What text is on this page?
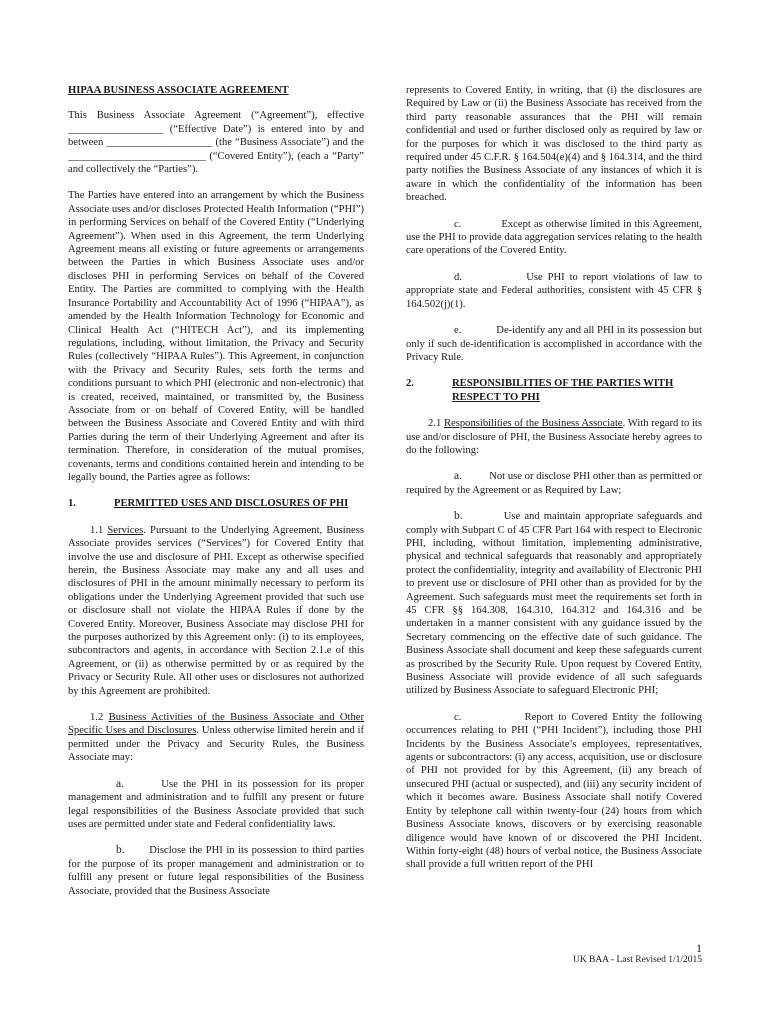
HIPAA BUSINESS ASSOCIATE AGREEMENT

This Business Associate Agreement (“Agreement”), effective __________________ (“Effective Date”) is entered into by and between ____________________ (the “Business Associate”) and the __________________________ (“Covered Entity”), (each a “Party” and collectively the “Parties”).

The Parties have entered into an arrangement by which the Business Associate uses and/or discloses Protected Health Information (“PHI”) in performing Services on behalf of the Covered Entity (“Underlying Agreement”). When used in this Agreement, the term Underlying Agreement means all existing or future agreements or arrangements between the Parties in which Business Associate uses and/or discloses PHI in performing Services on behalf of the Covered Entity. The Parties are committed to complying with the Health Insurance Portability and Accountability Act of 1996 (“HIPAA”), as amended by the Health Information Technology for Economic and Clinical Health Act (“HITECH Act”), and its implementing regulations, including, without limitation, the Privacy and Security Rules (collectively “HIPAA Rules”). This Agreement, in conjunction with the Privacy and Security Rules, sets forth the terms and conditions pursuant to which PHI (electronic and non-electronic) that is created, received, maintained, or transmitted by, the Business Associate from or on behalf of Covered Entity, will be handled between the Business Associate and Covered Entity and with third Parties during the term of their Underlying Agreement and after its termination. Therefore, in consideration of the mutual promises, covenants, terms and conditions contained herein and intending to be legally bound, the Parties agree as follows:

1.	PERMITTED USES AND DISCLOSURES OF PHI

1.1 Services. Pursuant to the Underlying Agreement, Business Associate provides services (“Services”) for Covered Entity that involve the use and disclosure of PHI. Except as otherwise specified herein, the Business Associate may make any and all uses and disclosures of PHI in the amount minimally necessary to perform its obligations under the Underlying Agreement provided that such use or disclosure shall not violate the HIPAA Rules if done by the Covered Entity. Moreover, Business Associate may disclose PHI for the purposes authorized by this Agreement only: (i) to its employees, subcontractors and agents, in accordance with Section 2.1.e of this Agreement, or (ii) as otherwise permitted by or as required by the Privacy or Security Rule. All other uses or disclosures not authorized by this Agreement are prohibited.

1.2 Business Activities of the Business Associate and Other Specific Uses and Disclosures. Unless otherwise limited herein and if permitted under the Privacy and Security Rules, the Business Associate may:

a.	Use the PHI in its possession for its proper management and administration and to fulfill any present or future legal responsibilities of the Business Associate provided that such uses are permitted under state and Federal confidentiality laws.

b. Disclose the PHI in its possession to third parties for the purpose of its proper management and administration or to fulfill any present or future legal responsibilities of the Business Associate, provided that the Business Associate

represents to Covered Entity, in writing, that (i) the disclosures are Required by Law or (ii) the Business Associate has received from the third party reasonable assurances that the PHI will remain confidential and used or further disclosed only as required by law or for the purposes for which it was disclosed to the third party as required under 45 C.F.R. § 164.504(e)(4) and § 164.314, and the third party notifies the Business Associate of any instances of which it is aware in which the confidentiality of the information has been breached.

c.	Except as otherwise limited in this Agreement, use the PHI to provide data aggregation services relating to the health care operations of the Covered Entity.

d.	Use PHI to report violations of law to appropriate state and Federal authorities, consistent with 45 CFR § 164.502(j)(1).

e.	De-identify any and all PHI in its possession but only if such de-identification is accomplished in accordance with the Privacy Rule.

2.	RESPONSIBILITIES OF THE PARTIES WITH RESPECT TO PHI

2.1 Responsibilities of the Business Associate. With regard to its use and/or disclosure of PHI, the Business Associate hereby agrees to do the following:

a.	Not use or disclose PHI other than as permitted or required by the Agreement or as Required by Law;

b.	Use and maintain appropriate safeguards and comply with Subpart C of 45 CFR Part 164 with respect to Electronic PHI, including, without limitation, implementing administrative, physical and technical safeguards that reasonably and appropriately protect the confidentiality, integrity and availability of Electronic PHI to prevent use or disclosure of PHI other than as provided for by the Agreement. Such safeguards must meet the requirements set forth in 45 CFR §§ 164.308, 164.310, 164.312 and 164.316 and be undertaken in a manner consistent with any guidance issued by the Secretary commencing on the effective date of such guidance. The Business Associate shall document and keep these safeguards current as proscribed by the Security Rule. Upon request by Covered Entity, Business Associate will provide evidence of all such safeguards utilized by Business Associate to safeguard Electronic PHI;

c.	Report to Covered Entity the following occurrences relating to PHI (“PHI Incident”), including those PHI Incidents by the Business Associate’s employees, representatives, agents or subcontractors: (i) any access, acquisition, use or disclosure of PHI not provided for by this Agreement, (ii) any breach of unsecured PHI (actual or suspected), and (iii) any security incident of which it becomes aware. Business Associate shall notify Covered Entity by telephone call within twenty-four (24) hours from which Business Associate knows, discovers or by exercising reasonable diligence would have known of or discovered the PHI Incident. Within forty-eight (48) hours of verbal notice, the Business Associate shall provide a full written report of the PHI

1
UK BAA - Last Revised 1/1/2015
